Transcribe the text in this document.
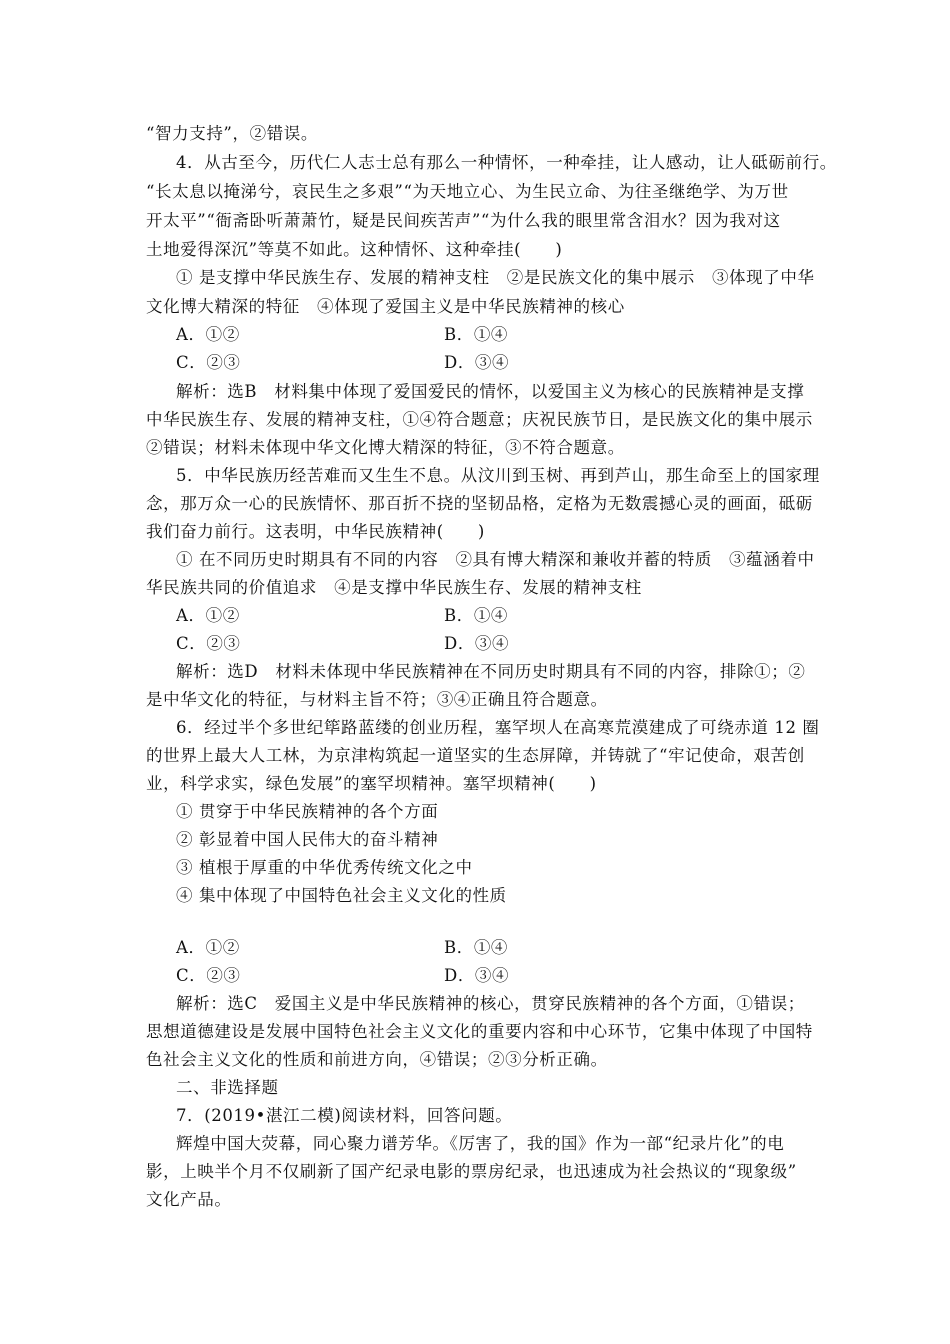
“智力支持”，②错误。
4．从古至今，历代仁人志士总有那么一种情怀，一种牵挂，让人感动，让人砥砺前行。
“长太息以掩涕兮，哀民生之多艰”“为天地立心、为生民立命、为往圣继绝学、为万世
开太平”“衙斋卧听萧萧竹，疑是民间疾苦声”“为什么我的眼里常含泪水？因为我对这
土地爱得深沉”等莫不如此。这种情怀、这种牵挂(　　)
① 是支撑中华民族生存、发展的精神支柱　②是民族文化的集中展示　③体现了中华
文化博大精深的特征　④体现了爱国主义是中华民族精神的核心
A．①②	B．①④
C．②③	D．③④
解析：选B　材料集中体现了爱国爱民的情怀，以爱国主义为核心的民族精神是支撑
中华民族生存、发展的精神支柱，①④符合题意；庆祝民族节日，是民族文化的集中展示
②错误；材料未体现中华文化博大精深的特征，③不符合题意。
5．中华民族历经苦难而又生生不息。从汶川到玉树、再到芦山，那生命至上的国家理
念，那万众一心的民族情怀、那百折不挠的坚韧品格，定格为无数震撼心灵的画面，砥砺
我们奋力前行。这表明，中华民族精神(　　)
① 在不同历史时期具有不同的内容　②具有博大精深和兼收并蓄的特质　③蕴涵着中
华民族共同的价值追求　④是支撑中华民族生存、发展的精神支柱
A．①②	B．①④
C．②③	D．③④
解析：选D　材料未体现中华民族精神在不同历史时期具有不同的内容，排除①；②
是中华文化的特征，与材料主旨不符；③④正确且符合题意。
6．经过半个多世纪筚路蓝缕的创业历程，塞罕坝人在高寒荒漠建成了可绕赤道 12 圈
的世界上最大人工林，为京津构筑起一道坚实的生态屏障，并铸就了“牢记使命，艰苦创
业，科学求实，绿色发展”的塞罕坝精神。塞罕坝精神(　　)
① 贯穿于中华民族精神的各个方面
② 彰显着中国人民伟大的奋斗精神
③ 植根于厚重的中华优秀传统文化之中
④ 集中体现了中国特色社会主义文化的性质
A．①②	B．①④
C．②③	D．③④
解析：选C　爱国主义是中华民族精神的核心，贯穿民族精神的各个方面，①错误；
思想道德建设是发展中国特色社会主义文化的重要内容和中心环节，它集中体现了中国特
色社会主义文化的性质和前进方向，④错误；②③分析正确。
二、非选择题
7．(2019•湛江二模)阅读材料，回答问题。
辉煌中国大荧幕，同心聚力谱芳华。《厉害了，我的国》作为一部“纪录片化”的电
影，上映半个月不仅刷新了国产纪录电影的票房纪录，也迅速成为社会热议的“现象级”
文化产品。
